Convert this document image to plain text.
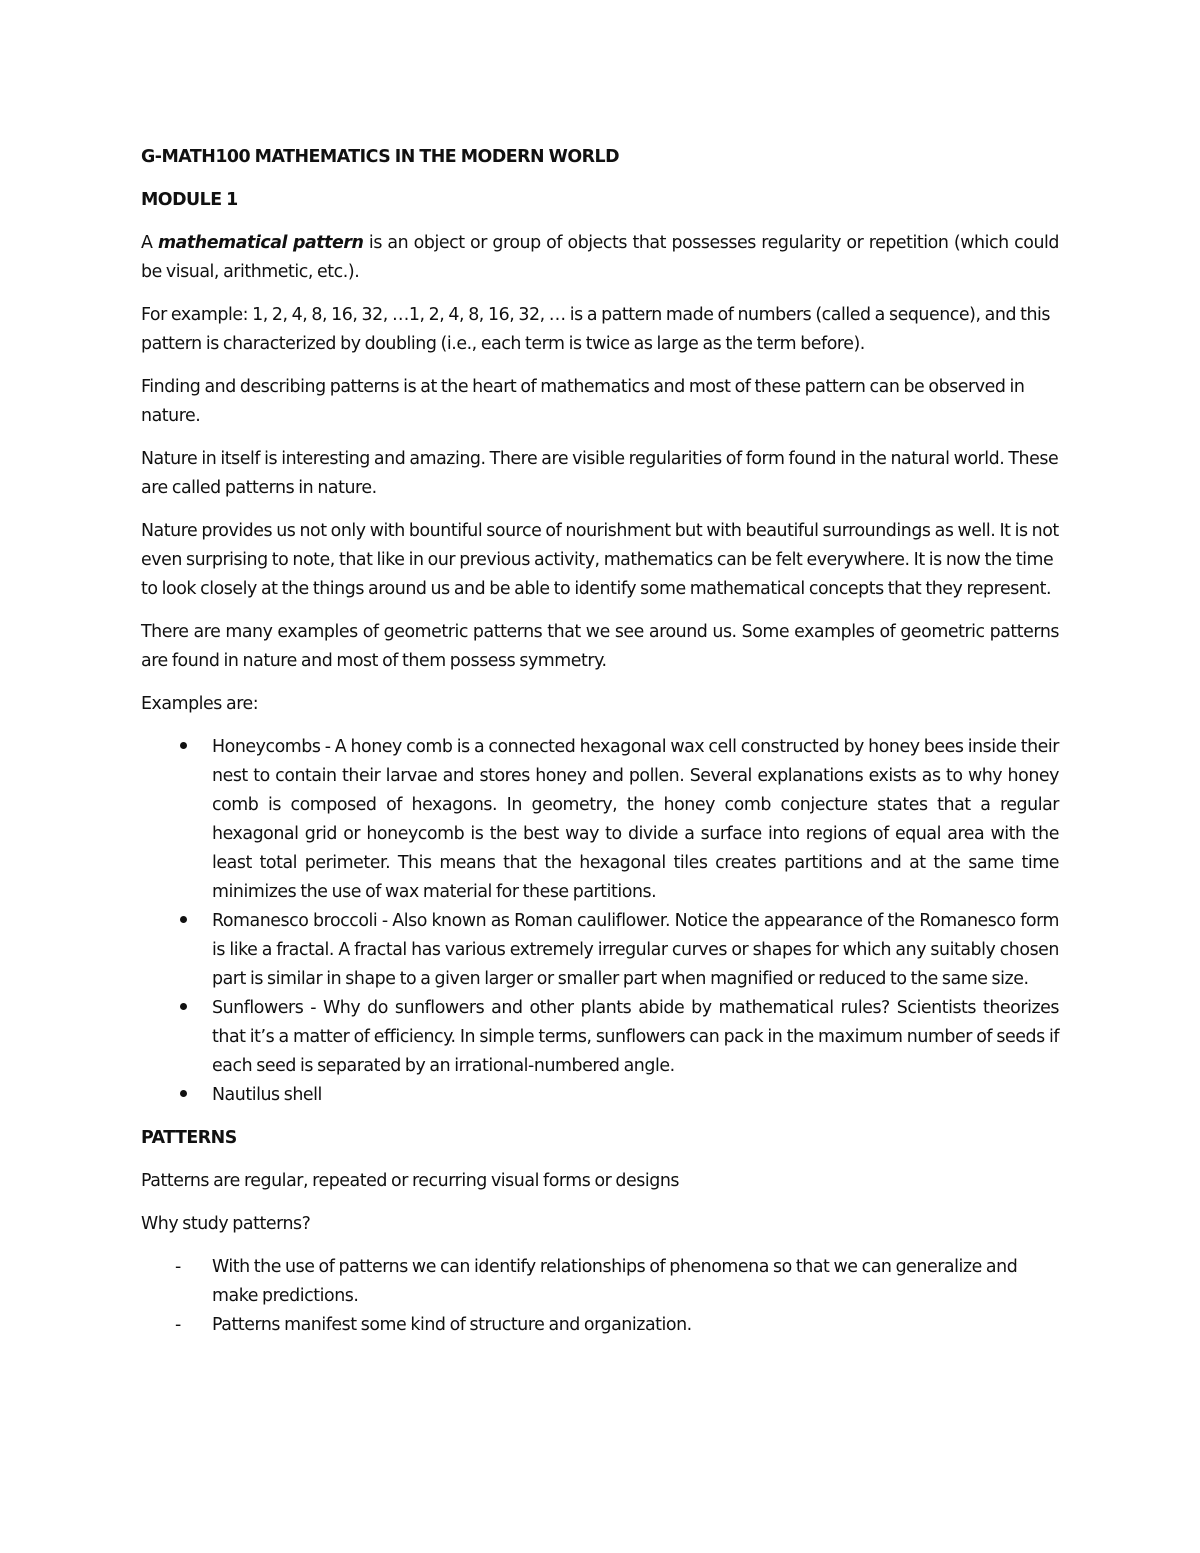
G-MATH100 MATHEMATICS IN THE MODERN WORLD
MODULE 1

A mathematical pattern is an object or group of objects that possesses regularity or repetition (which could be visual, arithmetic, etc.).

For example: 1, 2, 4, 8, 16, 32, …1, 2, 4, 8, 16, 32, … is a pattern made of numbers (called a sequence), and this pattern is characterized by doubling (i.e., each term is twice as large as the term before).

Finding and describing patterns is at the heart of mathematics and most of these pattern can be observed in nature.

Nature in itself is interesting and amazing. There are visible regularities of form found in the natural world. These are called patterns in nature.

Nature provides us not only with bountiful source of nourishment but with beautiful surroundings as well. It is not even surprising to note, that like in our previous activity, mathematics can be felt everywhere. It is now the time to look closely at the things around us and be able to identify some mathematical concepts that they represent.

There are many examples of geometric patterns that we see around us. Some examples of geometric patterns are found in nature and most of them possess symmetry.

Examples are:

Honeycombs - A honey comb is a connected hexagonal wax cell constructed by honey bees inside their nest to contain their larvae and stores honey and pollen. Several explanations exists as to why honey comb is composed of hexagons. In geometry, the honey comb conjecture states that a regular hexagonal grid or honeycomb is the best way to divide a surface into regions of equal area with the least total perimeter. This means that the hexagonal tiles creates partitions and at the same time minimizes the use of wax material for these partitions.
Romanesco broccoli - Also known as Roman cauliflower. Notice the appearance of the Romanesco form is like a fractal. A fractal has various extremely irregular curves or shapes for which any suitably chosen part is similar in shape to a given larger or smaller part when magnified or reduced to the same size.
Sunflowers - Why do sunflowers and other plants abide by mathematical rules? Scientists theorizes that it’s a matter of efficiency. In simple terms, sunflowers can pack in the maximum number of seeds if each seed is separated by an irrational-numbered angle.
Nautilus shell
PATTERNS

Patterns are regular, repeated or recurring visual forms or designs

Why study patterns?

- With the use of patterns we can identify relationships of phenomena so that we can generalize and make predictions.
- Patterns manifest some kind of structure and organization.
